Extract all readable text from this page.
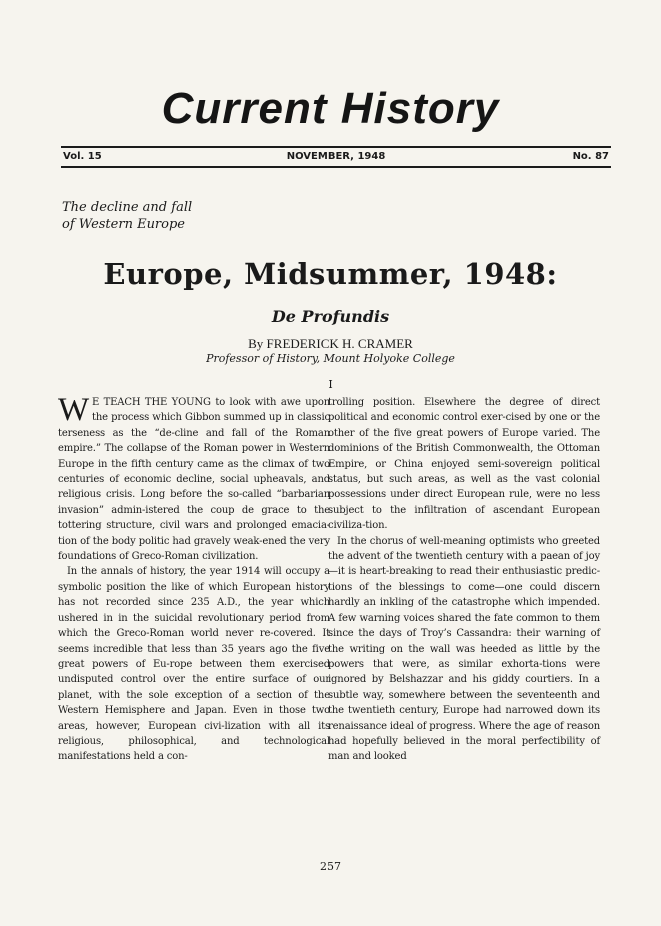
Current History
Vol. 15	NOVEMBER, 1948	No. 87
The decline and fall
of Western Europe
Europe, Midsummer, 1948:
De Profundis
By FREDERICK H. CRAMER
Professor of History, Mount Holyoke College
I

W E TEACH THE YOUNG to look with awe upon the process which Gibbon summed up in classic terseness as the “de-cline and fall of the Roman empire.” The collapse of the Roman power in Western Europe in the fifth century came as the climax of two centuries of economic decline, social upheavals, and religious crisis. Long before the so-called “barbarian invasion” admin-istered the coup de grace to the tottering structure, civil wars and prolonged emacia-tion of the body politic had gravely weak-ened the very foundations of Greco-Roman civilization.

In the annals of history, the year 1914 will occupy a symbolic position the like of which European history has not recorded since 235 A.D., the year which ushered in in the suicidal revolutionary period from which the Greco-Roman world never re-covered. It seems incredible that less than 35 years ago the five great powers of Eu-rope between them exercised undisputed control over the entire surface of our planet, with the sole exception of a section of the Western Hemisphere and Japan. Even in those two areas, however, European civi-lization with all its religious, philosophical, and technological manifestations held a con-

trolling position. Elsewhere the degree of direct political and economic control exer-cised by one or the other of the five great powers of Europe varied. The dominions of the British Commonwealth, the Ottoman Empire, or China enjoyed semi-sovereign political status, but such areas, as well as the vast colonial possessions under direct European rule, were no less subject to the infiltration of ascendant European civiliza-tion.

In the chorus of well-meaning optimists who greeted the advent of the twentieth century with a paean of joy—it is heart-breaking to read their enthusiastic predic-tions of the blessings to come—one could discern hardly an inkling of the catastrophe which impended. A few warning voices shared the fate common to them since the days of Troy’s Cassandra: their warning of the writing on the wall was heeded as little by the powers that were, as similar exhorta-tions were ignored by Belshazzar and his giddy courtiers. In a subtle way, somewhere between the seventeenth and the twentieth century, Europe had narrowed down its renaissance ideal of progress. Where the age of reason had hopefully believed in the moral perfectibility of man and looked

257
